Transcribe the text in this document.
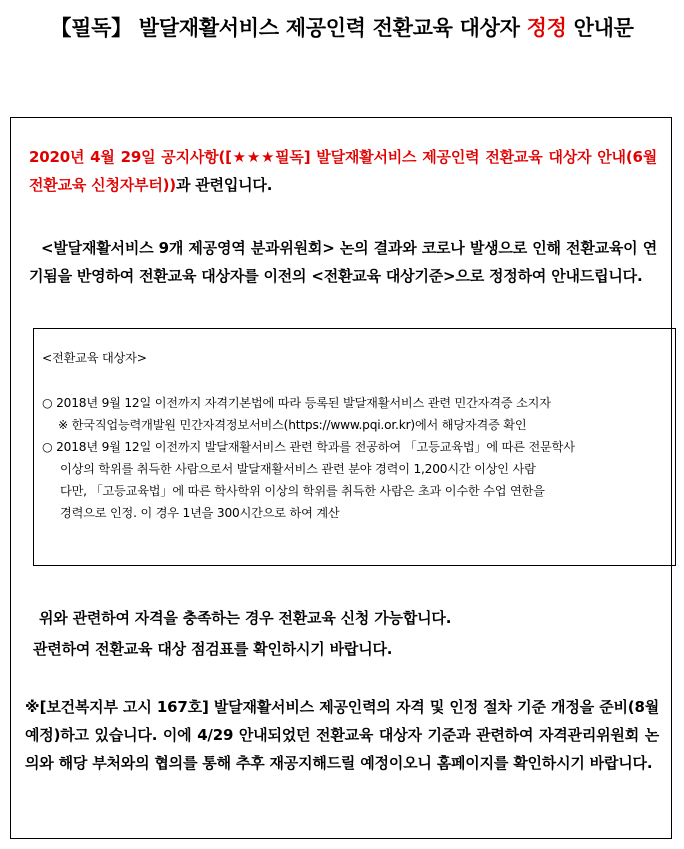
【필독】 발달재활서비스 제공인력 전환교육 대상자 정정 안내문
2020년 4월 29일 공지사항([★★★필독] 발달재활서비스 제공인력 전환교육 대상자 안내(6월 전환교육 신청자부터))과 관련입니다.
<발달재활서비스 9개 제공영역 분과위원회> 논의 결과와 코로나 발생으로 인해 전환교육이 연기됨을 반영하여 전환교육 대상자를 이전의 <전환교육 대상기준>으로 정정하여 안내드립니다.
<전환교육 대상자>
○ 2018년 9월 12일 이전까지 자격기본법에 따라 등록된 발달재활서비스 관련 민간자격증 소지자
※ 한국직업능력개발원 민간자격정보서비스(https://www.pqi.or.kr)에서 해당자격증 확인
○ 2018년 9월 12일 이전까지 발달재활서비스 관련 학과를 전공하여 「고등교육법」에 따른 전문학사
이상의 학위를 취득한 사람으로서 발달재활서비스 관련 분야 경력이 1,200시간 이상인 사람
다만, 「고등교육법」에 따른 학사학위 이상의 학위를 취득한 사람은 초과 이수한 수업 연한을
경력으로 인정. 이 경우 1년을 300시간으로 하여 계산
위와 관련하여 자격을 충족하는 경우 전환교육 신청 가능합니다.
관련하여 전환교육 대상 점검표를 확인하시기 바랍니다.
※[보건복지부 고시 167호] 발달재활서비스 제공인력의 자격 및 인정 절차 기준 개정을 준비(8월 예정)하고 있습니다. 이에 4/29 안내되었던 전환교육 대상자 기준과 관련하여 자격관리위원회 논의와 해당 부처와의 협의를 통해 추후 재공지해드릴 예정이오니 홈페이지를 확인하시기 바랍니다.
